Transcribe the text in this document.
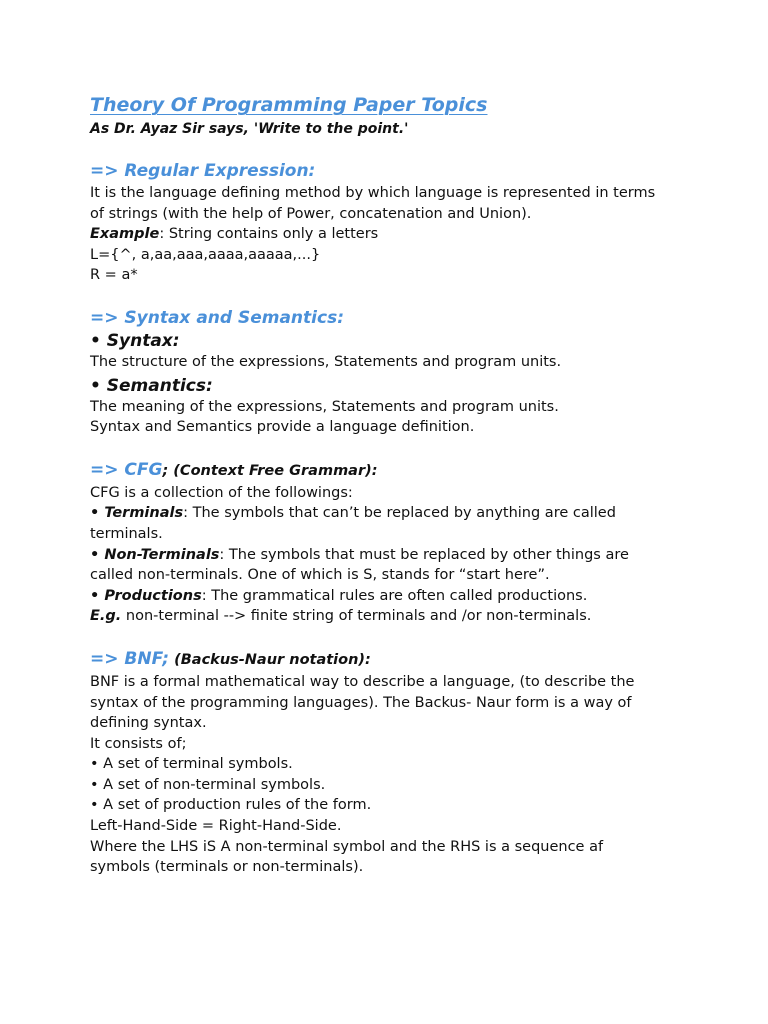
Theory Of Programming Paper Topics

As Dr. Ayaz Sir says, 'Write to the point.'

=> Regular Expression:

It is the language defining method by which language is represented in terms

of strings (with the help of Power, concatenation and Union).

Example: String contains only a letters

L={^, a,aa,aaa,aaaa,aaaaa,...}

R = a*

=> Syntax and Semantics:

• Syntax:

The structure of the expressions, Statements and program units.

• Semantics:

The meaning of the expressions, Statements and program units.

Syntax and Semantics provide a language definition.

=> CFG; (Context Free Grammar):

CFG is a collection of the followings:

• Terminals: The symbols that can’t be replaced by anything are called

terminals.

• Non-Terminals: The symbols that must be replaced by other things are

called non-terminals. One of which is S, stands for “start here”.

• Productions: The grammatical rules are often called productions.

E.g. non-terminal --> finite string of terminals and /or non-terminals.

=> BNF; (Backus-Naur notation):

BNF is a formal mathematical way to describe a language, (to describe the

syntax of the programming languages). The Backus- Naur form is a way of

defining syntax.

It consists of;

• A set of terminal symbols.

• A set of non-terminal symbols.

• A set of production rules of the form.

Left-Hand-Side = Right-Hand-Side.

Where the LHS iS A non-terminal symbol and the RHS is a sequence af

symbols (terminals or non-terminals).
